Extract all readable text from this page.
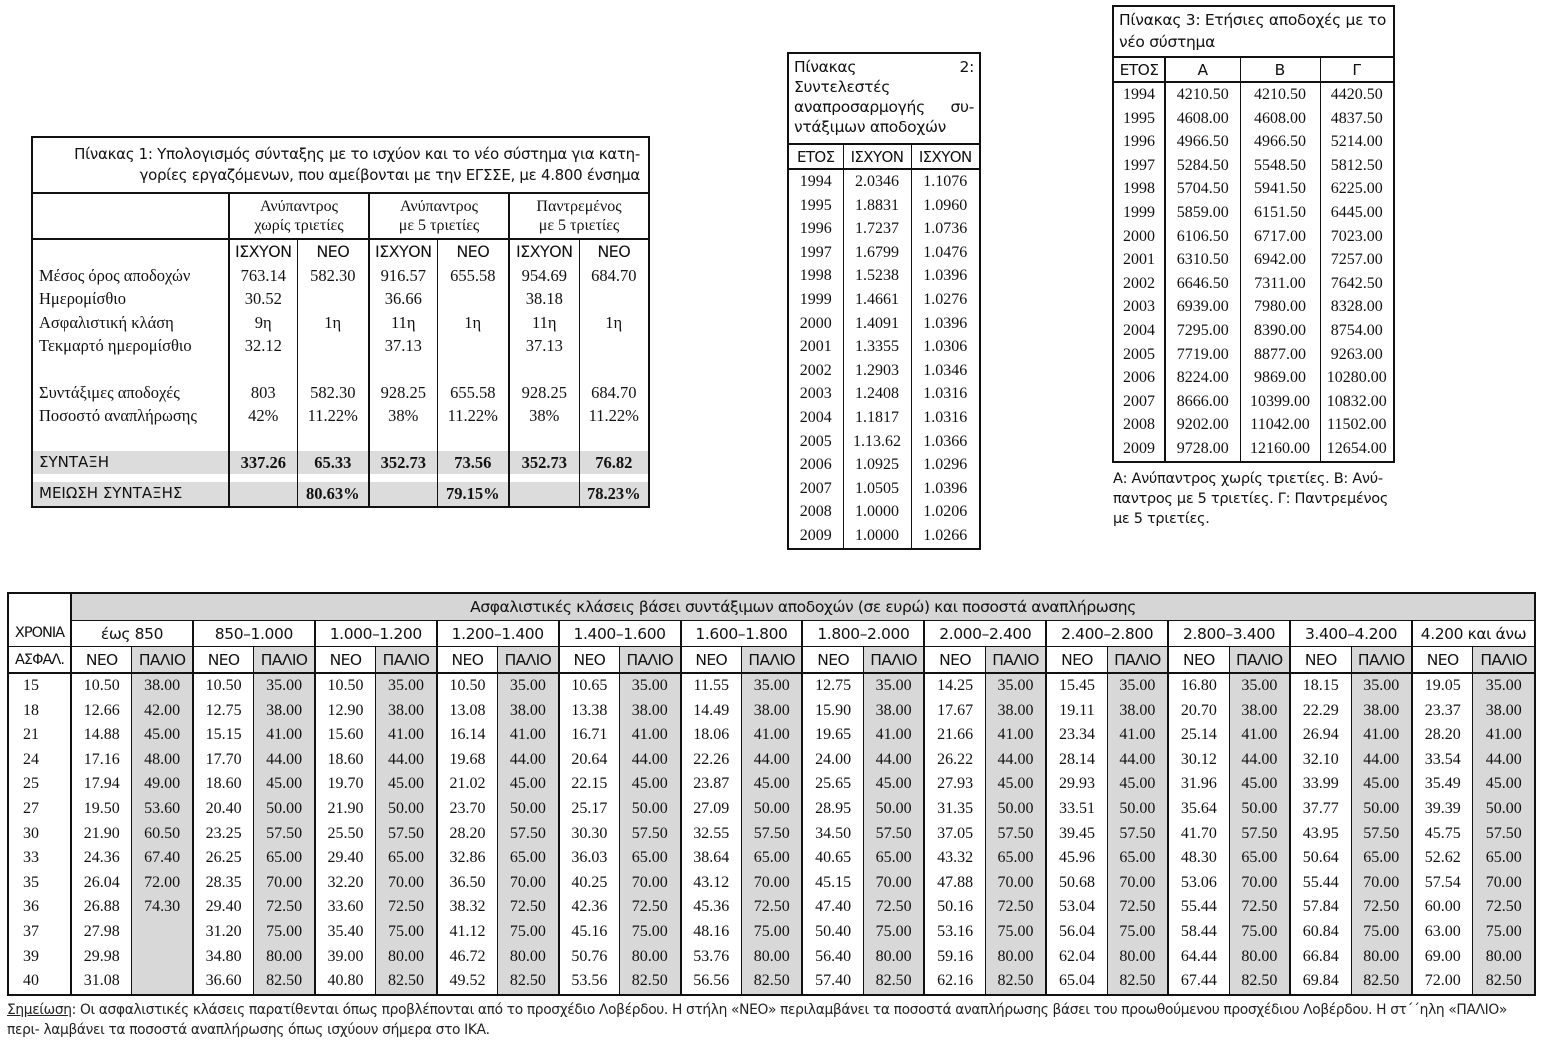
Πίνακας 1: Υπολογισμός σύνταξης με το ισχύον και το νέο σύστημα για κατη-
γορίες εργαζόμενων, που αμείβονται με την ΕΓΣΣΕ, με 4.800 ένσημα
	Ανύπαντρος
χωρίς τριετίες		Ανύπαντρος
με 5 τριετίες		Παντρεμένος
με 5 τριετίες	
	ΙΣΧΥΟΝ	ΝΕΟ	ΙΣΧΥΟΝ	ΝΕΟ	ΙΣΧΥΟΝ	ΝΕΟ
Μέσος όρος αποδοχών	763.14	582.30	916.57	655.58	954.69	684.70
Ημερομίσθιο	30.52		36.66		38.18	
Ασφαλιστική κλάση	9η	1η	11η	1η	11η	1η
Τεκμαρτό ημερομίσθιο	32.12		37.13		37.13	

Συντάξιμες αποδοχές	803	582.30	928.25	655.58	928.25	684.70
Ποσοστό αναπλήρωσης	42%	11.22%	38%	11.22%	38%	11.22%

ΣΥΝΤΑΞΗ	337.26	65.33	352.73	73.56	352.73	76.82

ΜΕΙΩΣΗ ΣΥΝΤΑΞΗΣ		80.63%		79.15%		78.23%
Πίνακας 2: Συντελεστές αναπροσαρμογής συ- ντάξιμων αποδοχών
ΕΤΟΣ	ΙΣΧΥΟΝ	ΙΣΧΥΟΝ
1994	2.0346	1.1076
1995	1.8831	1.0960
1996	1.7237	1.0736
1997	1.6799	1.0476
1998	1.5238	1.0396
1999	1.4661	1.0276
2000	1.4091	1.0396
2001	1.3355	1.0306
2002	1.2903	1.0346
2003	1.2408	1.0316
2004	1.1817	1.0316
2005	1.13.62	1.0366
2006	1.0925	1.0296
2007	1.0505	1.0396
2008	1.0000	1.0206
2009	1.0000	1.0266
Πίνακας 3: Ετήσιες αποδοχές με το νέο σύστημα
ΕΤΟΣ	Α	Β	Γ
1994	4210.50	4210.50	4420.50
1995	4608.00	4608.00	4837.50
1996	4966.50	4966.50	5214.00
1997	5284.50	5548.50	5812.50
1998	5704.50	5941.50	6225.00
1999	5859.00	6151.50	6445.00
2000	6106.50	6717.00	7023.00
2001	6310.50	6942.00	7257.00
2002	6646.50	7311.00	7642.50
2003	6939.00	7980.00	8328.00
2004	7295.00	8390.00	8754.00
2005	7719.00	8877.00	9263.00
2006	8224.00	9869.00	10280.00
2007	8666.00	10399.00	10832.00
2008	9202.00	11042.00	11502.00
2009	9728.00	12160.00	12654.00
Α: Ανύπαντρος χωρίς τριετίες. Β: Ανύ- παντρος με 5 τριετίες. Γ: Παντρεμένος με 5 τριετίες.
	Ασφαλιστικές κλάσεις βάσει συντάξιμων αποδοχών (σε ευρώ) και ποσοστά αναπλήρωσης																							
ΧΡΟΝΙΑ	έως 850		850–1.000		1.000–1.200		1.200–1.400		1.400–1.600		1.600–1.800		1.800–2.000		2.000–2.400		2.400–2.800		2.800–3.400		3.400–4.200		4.200 και άνω	
ΑΣΦΑΛ.	ΝΕΟ	ΠΑΛΙΟ	ΝΕΟ	ΠΑΛΙΟ	ΝΕΟ	ΠΑΛΙΟ	ΝΕΟ	ΠΑΛΙΟ	ΝΕΟ	ΠΑΛΙΟ	ΝΕΟ	ΠΑΛΙΟ	ΝΕΟ	ΠΑΛΙΟ	ΝΕΟ	ΠΑΛΙΟ	ΝΕΟ	ΠΑΛΙΟ	ΝΕΟ	ΠΑΛΙΟ	ΝΕΟ	ΠΑΛΙΟ	ΝΕΟ	ΠΑΛΙΟ
15	10.50	38.00	10.50	35.00	10.50	35.00	10.50	35.00	10.65	35.00	11.55	35.00	12.75	35.00	14.25	35.00	15.45	35.00	16.80	35.00	18.15	35.00	19.05	35.00
18	12.66	42.00	12.75	38.00	12.90	38.00	13.08	38.00	13.38	38.00	14.49	38.00	15.90	38.00	17.67	38.00	19.11	38.00	20.70	38.00	22.29	38.00	23.37	38.00
21	14.88	45.00	15.15	41.00	15.60	41.00	16.14	41.00	16.71	41.00	18.06	41.00	19.65	41.00	21.66	41.00	23.34	41.00	25.14	41.00	26.94	41.00	28.20	41.00
24	17.16	48.00	17.70	44.00	18.60	44.00	19.68	44.00	20.64	44.00	22.26	44.00	24.00	44.00	26.22	44.00	28.14	44.00	30.12	44.00	32.10	44.00	33.54	44.00
25	17.94	49.00	18.60	45.00	19.70	45.00	21.02	45.00	22.15	45.00	23.87	45.00	25.65	45.00	27.93	45.00	29.93	45.00	31.96	45.00	33.99	45.00	35.49	45.00
27	19.50	53.60	20.40	50.00	21.90	50.00	23.70	50.00	25.17	50.00	27.09	50.00	28.95	50.00	31.35	50.00	33.51	50.00	35.64	50.00	37.77	50.00	39.39	50.00
30	21.90	60.50	23.25	57.50	25.50	57.50	28.20	57.50	30.30	57.50	32.55	57.50	34.50	57.50	37.05	57.50	39.45	57.50	41.70	57.50	43.95	57.50	45.75	57.50
33	24.36	67.40	26.25	65.00	29.40	65.00	32.86	65.00	36.03	65.00	38.64	65.00	40.65	65.00	43.32	65.00	45.96	65.00	48.30	65.00	50.64	65.00	52.62	65.00
35	26.04	72.00	28.35	70.00	32.20	70.00	36.50	70.00	40.25	70.00	43.12	70.00	45.15	70.00	47.88	70.00	50.68	70.00	53.06	70.00	55.44	70.00	57.54	70.00
36	26.88	74.30	29.40	72.50	33.60	72.50	38.32	72.50	42.36	72.50	45.36	72.50	47.40	72.50	50.16	72.50	53.04	72.50	55.44	72.50	57.84	72.50	60.00	72.50
37	27.98		31.20	75.00	35.40	75.00	41.12	75.00	45.16	75.00	48.16	75.00	50.40	75.00	53.16	75.00	56.04	75.00	58.44	75.00	60.84	75.00	63.00	75.00
39	29.98		34.80	80.00	39.00	80.00	46.72	80.00	50.76	80.00	53.76	80.00	56.40	80.00	59.16	80.00	62.04	80.00	64.44	80.00	66.84	80.00	69.00	80.00
40	31.08		36.60	82.50	40.80	82.50	49.52	82.50	53.56	82.50	56.56	82.50	57.40	82.50	62.16	82.50	65.04	82.50	67.44	82.50	69.84	82.50	72.00	82.50
Σημείωση: Οι ασφαλιστικές κλάσεις παρατίθενται όπως προβλέπονται από το προσχέδιο Λοβέρδου. Η στήλη «ΝΕΟ» περιλαμβάνει τα ποσοστά αναπλήρωσης βάσει του προωθούμενου προσχέδιου Λοβέρδου. Η στ΄΄ηλη «ΠΑΛΙΟ» περι- λαμβάνει τα ποσοστά αναπλήρωσης όπως ισχύουν σήμερα στο ΙΚΑ.
